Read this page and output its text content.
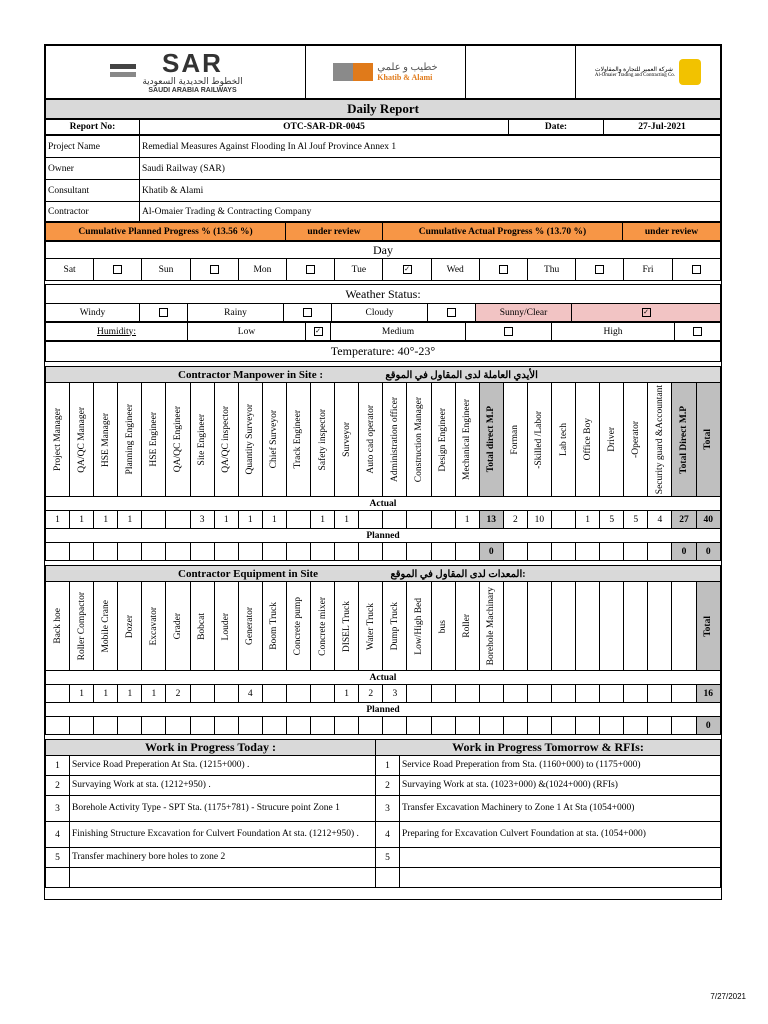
SAR
الخطوط الحديدية السعودية
SAUDI ARABIA RAILWAYS

خطيب و علمي
Khatib & Alami

شركة العمير للتجارة والمقاولات
Al-Omaier Trading and Contracting Co.
Daily Report
Report No:	OTC-SAR-DR-0045	Date:	27-Jul-2021
Project Name	Remedial Measures Against Flooding In Al Jouf Province Annex 1
Owner	Saudi Railway (SAR)
Consultant	Khatib & Alami
Contractor	Al-Omaier Trading & Contracting Company
Cumulative Planned Progress % (13.56 %)	under review	Cumulative Actual Progress % (13.70 %)	under review
Day
Sat		Sun		Mon		Tue	✓	Wed		Thu		Fri	
Weather Status:
Windy		Rainy		Cloudy		Sunny/Clear	✓
Humidity:	Low	✓	Medium		High	
Temperature: 40°-23°
Contractor Manpower in Site : الأيدي العاملة لدى المقاول في الموقع																											

Project Manager	QA/QC Manager	HSE Manager	Planning Engineer	HSE Engineer	QA/QC Engineer	Site Engineer	QA/QC inspector	Quantity Surveyor	Chief Surveyor	Track Engineer	Safety inspector	Surveyor	Auto cad operator	Administration officer	Construction Manager	Design Engineer	Mechanical Engineer	Total direct M.P	Forman	-Skilled /Labor	Lab tech	Office Boy	Driver	-Operator	Security guard &Accountant	Total Direct M.P	Total

Actual																											
1	1	1	1			3	1	1	1		1	1					1	13	2	10		1	5	5	4	27	40
Planned																											
																		0								0	0
Contractor Equipment in Site المعدات لدى المقاول في الموقع:																											

Back hoe	Roller Compactor	Mobile Crane	Dozer	Excavator	Grader	Bobcat	Louder	Generator	Boom Truck	Concrete pump	Concrete mixer	DISEL Truck	Water Truck	Dump Truck	Low/High Bed	bus	Roller	Borehole Machinary									Total

Actual																											
	1	1	1	1	2			4				1	2	3													16
Planned																											
																											0
Work in Progress Today :		Work in Progress Tomorrow & RFIs:	
1	Service Road Preperation At Sta. (1215+000) .	1	Service Road Preperation from Sta. (1160+000) to (1175+000)
2	Survaying Work at sta. (1212+950) .	2	Survaying Work at sta. (1023+000) &(1024+000) (RFIs)
3	Borehole Activity Type - SPT Sta. (1175+781) - Strucure point Zone 1	3	Transfer Excavation Machinery to Zone 1 At Sta (1054+000)
4	Finishing Structure Excavation for Culvert Foundation At sta. (1212+950) .	4	Preparing for Excavation Culvert Foundation at sta. (1054+000)
5	Transfer machinery bore holes to zone 2	5	

7/27/2021
